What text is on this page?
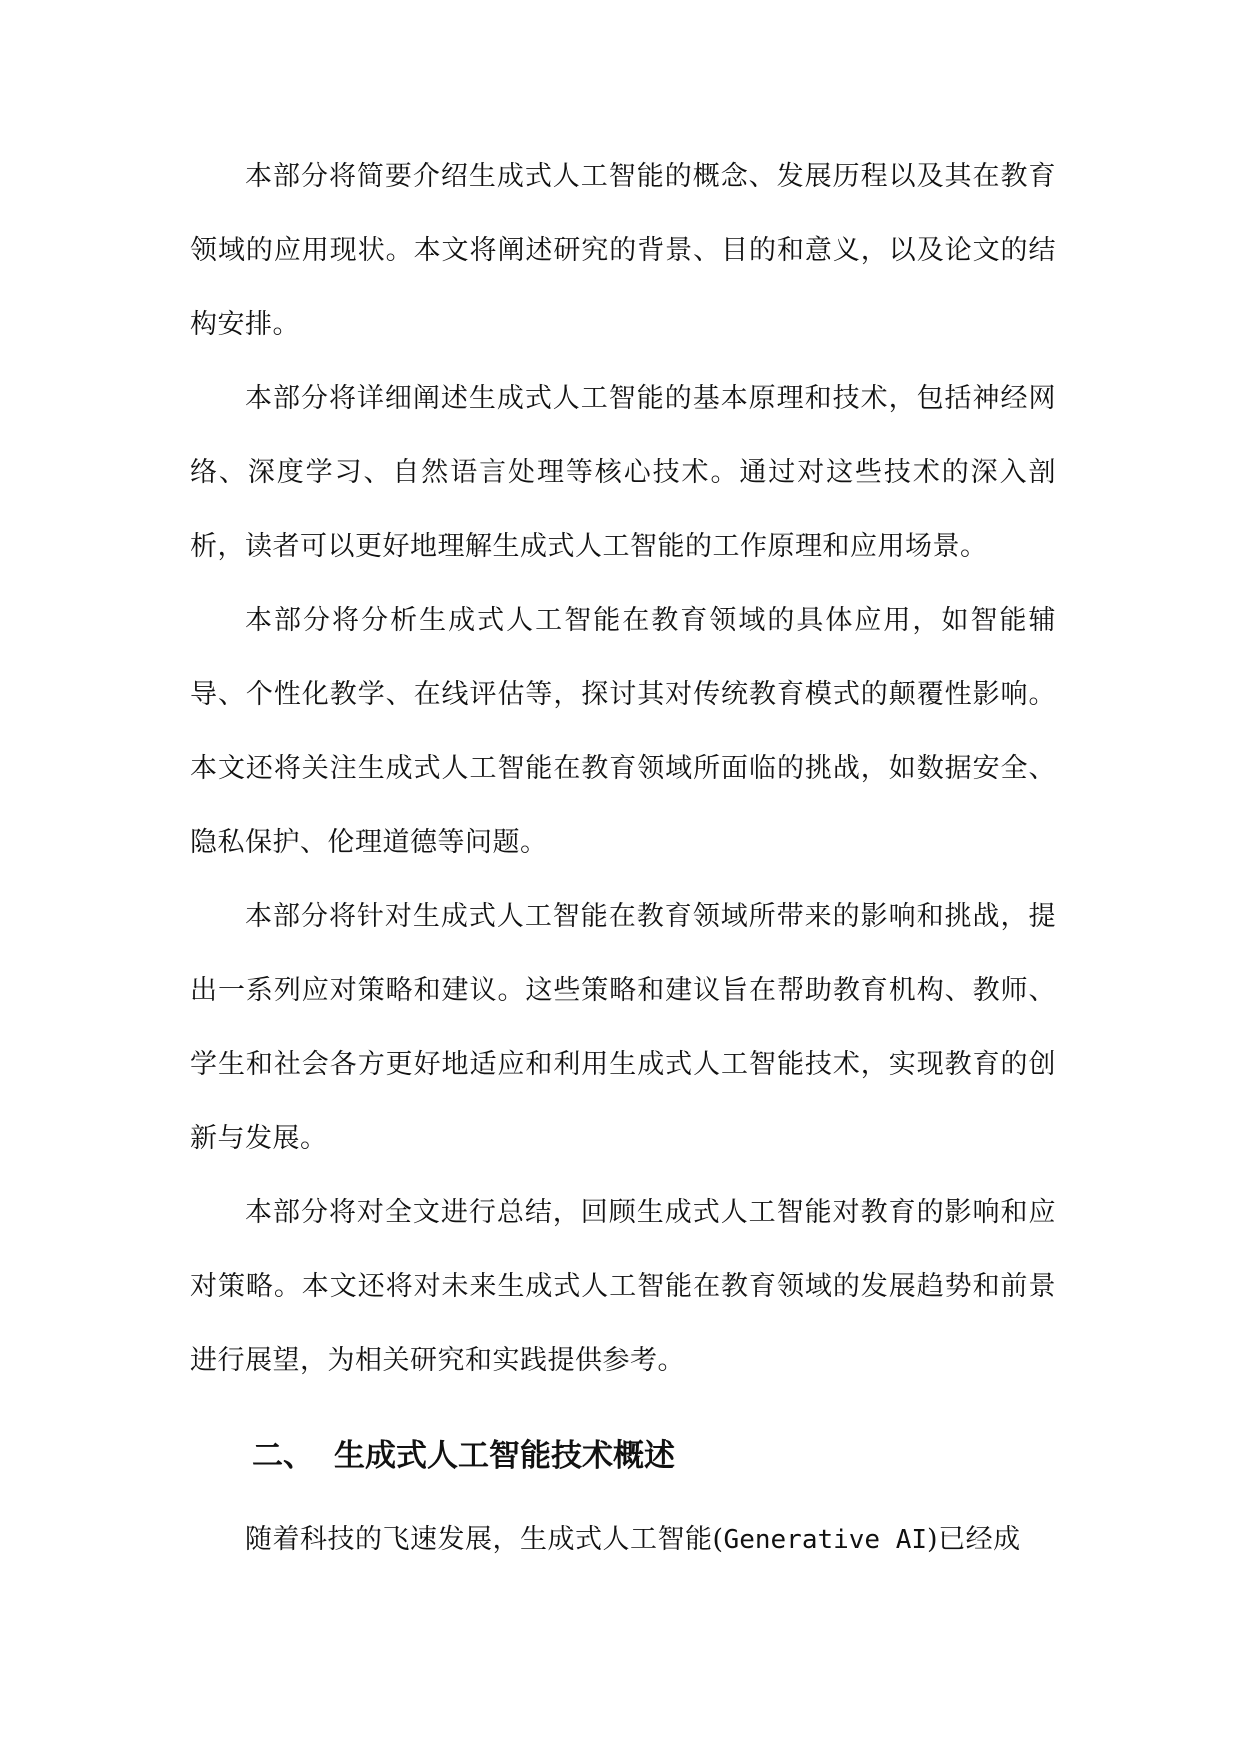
本部分将简要介绍生成式人工智能的概念、发展历程以及其在教育领域的应用现状。本文将阐述研究的背景、目的和意义，以及论文的结构安排。

本部分将详细阐述生成式人工智能的基本原理和技术，包括神经网络、深度学习、自然语言处理等核心技术。通过对这些技术的深入剖析，读者可以更好地理解生成式人工智能的工作原理和应用场景。

本部分将分析生成式人工智能在教育领域的具体应用，如智能辅导、个性化教学、在线评估等，探讨其对传统教育模式的颠覆性影响。本文还将关注生成式人工智能在教育领域所面临的挑战，如数据安全、隐私保护、伦理道德等问题。

本部分将针对生成式人工智能在教育领域所带来的影响和挑战，提出一系列应对策略和建议。这些策略和建议旨在帮助教育机构、教师、学生和社会各方更好地适应和利用生成式人工智能技术，实现教育的创新与发展。

本部分将对全文进行总结，回顾生成式人工智能对教育的影响和应对策略。本文还将对未来生成式人工智能在教育领域的发展趋势和前景进行展望，为相关研究和实践提供参考。

二、 生成式人工智能技术概述

随着科技的飞速发展，生成式人工智能(Generative AI)已经成
